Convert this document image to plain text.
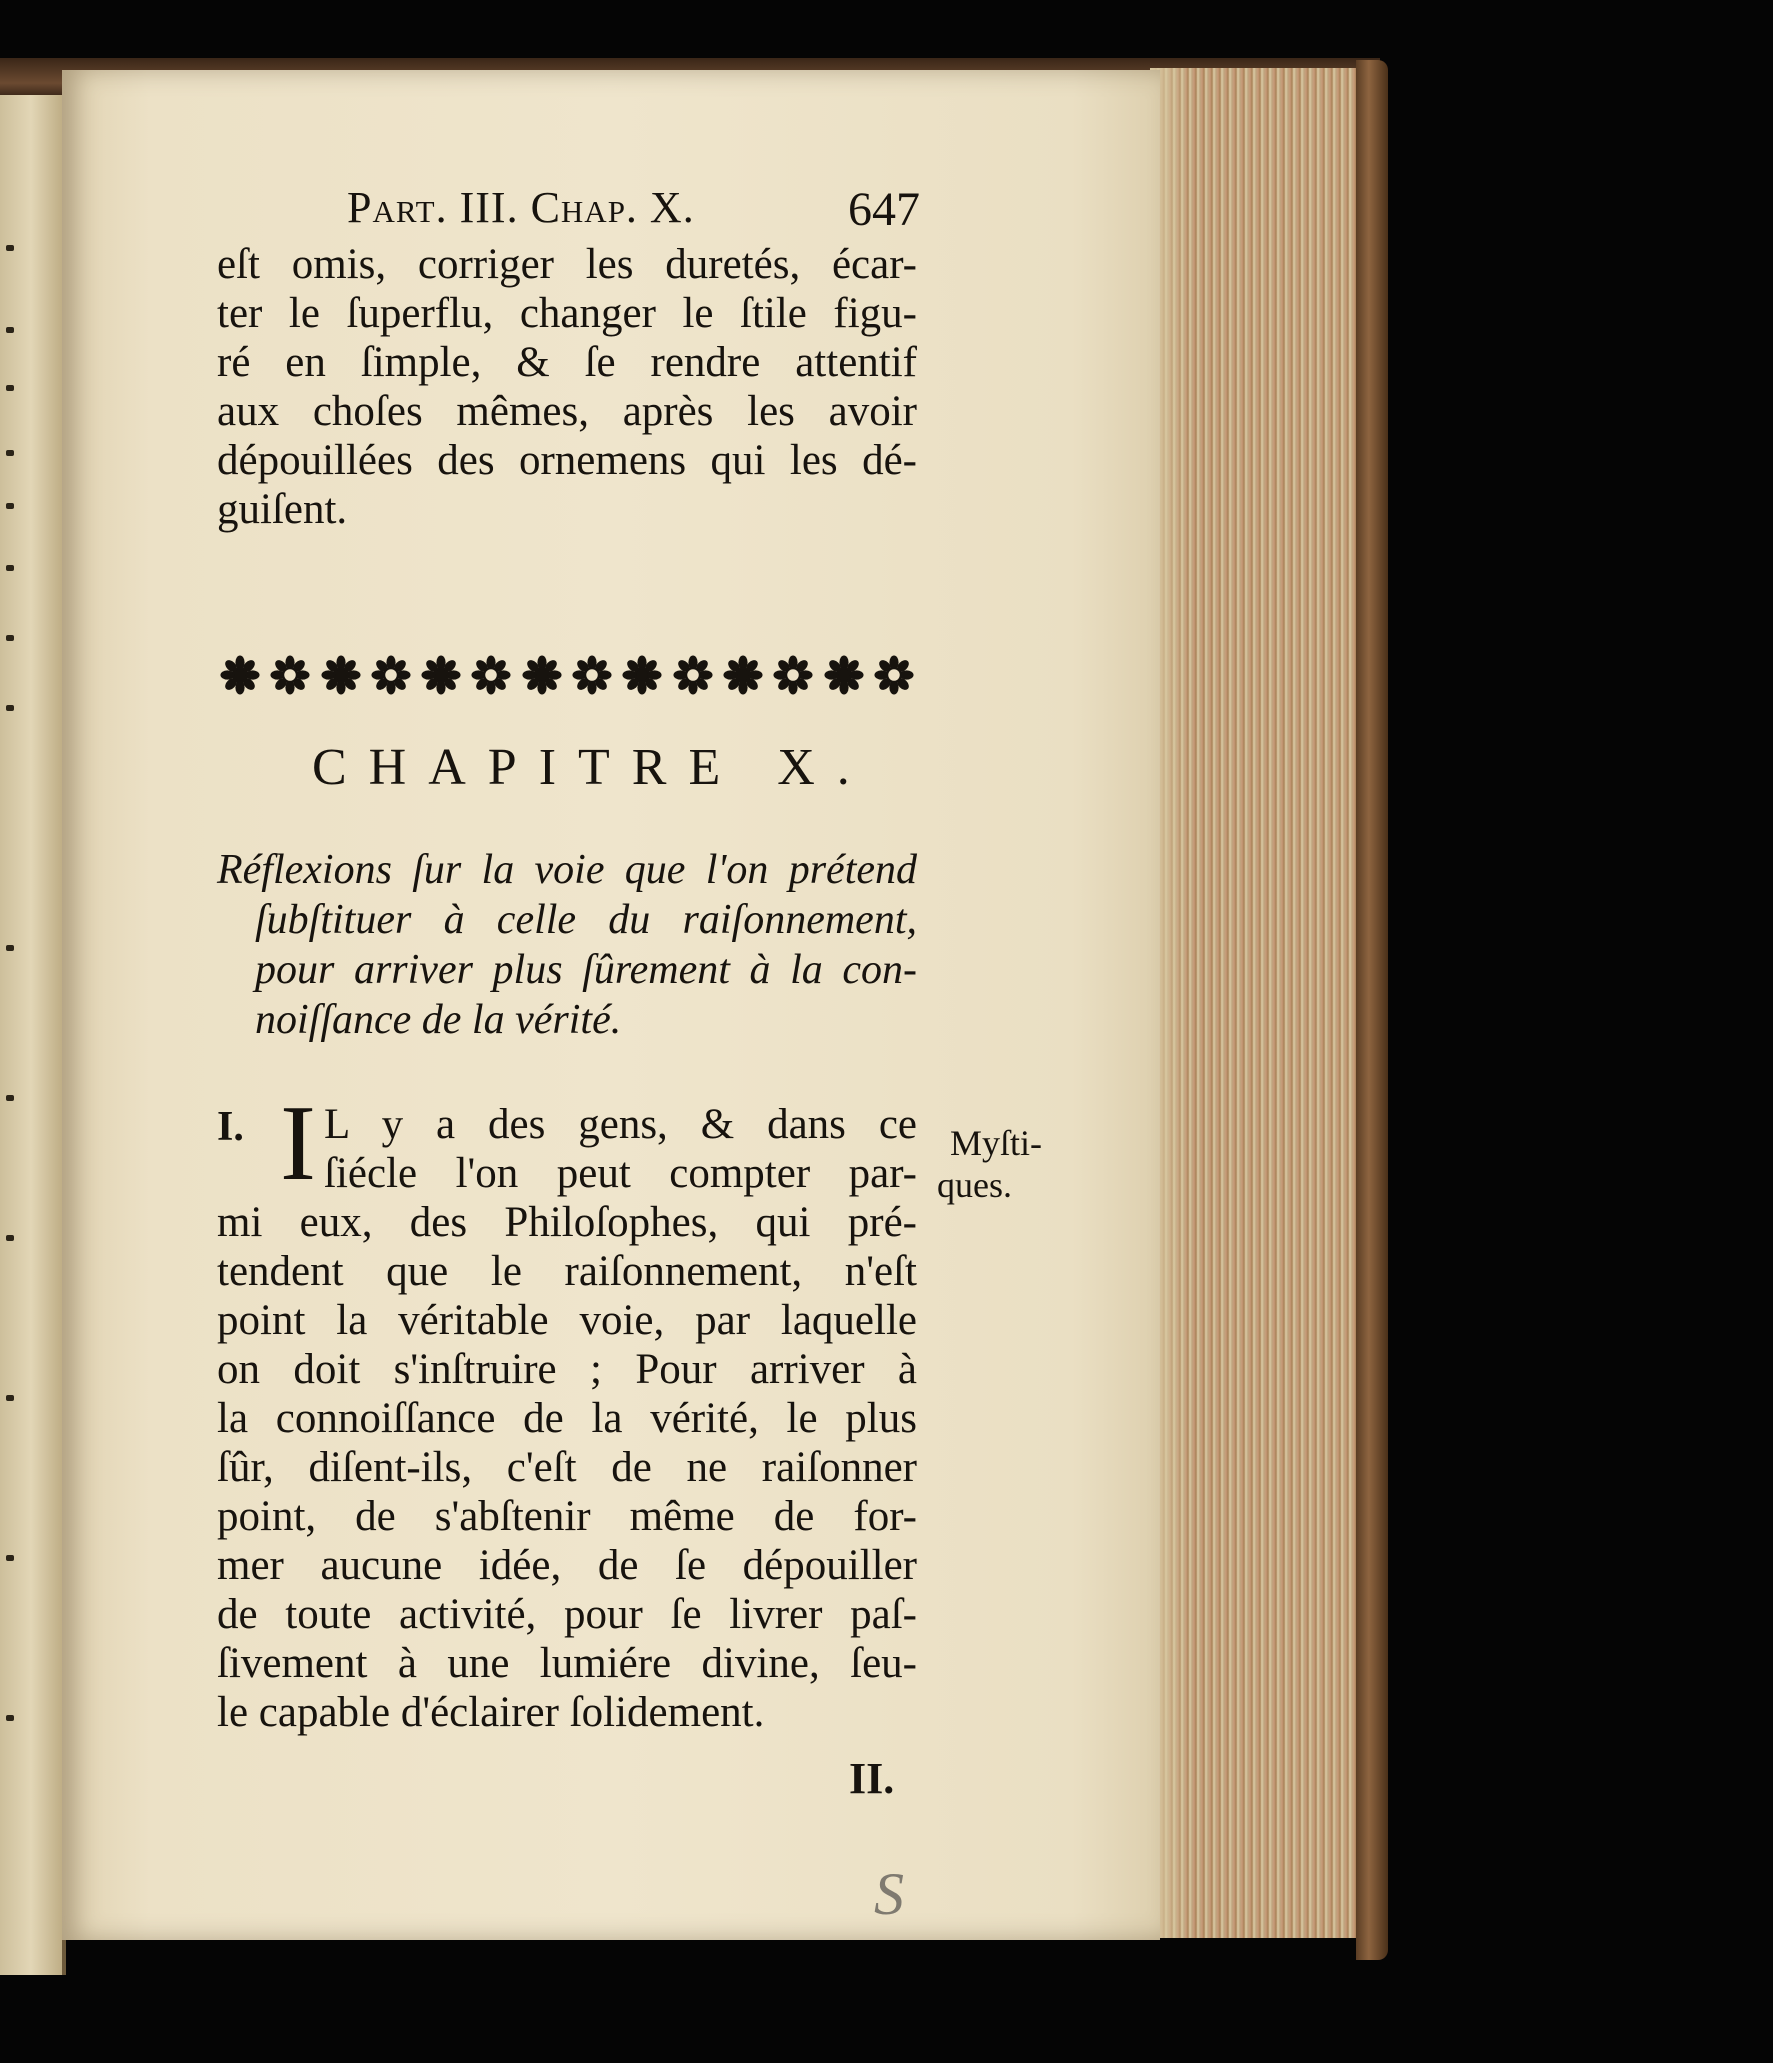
Part. III. Chap. X.	647
eſt omis, corriger les duretés, écar-
ter le ſuperflu, changer le ſtile figu-
ré en ſimple, & ſe rendre attentif
aux choſes mêmes, après les avoir
dépouillées des ornemens qui les dé-
guiſent.
CHAPITRE X.
Réflexions ſur la voie que l'on prétend
ſubſtituer à celle du raiſonnement,
pour arriver plus ſûrement à la con-
noiſſance de la vérité.
I. I L y a des gens, & dans ce
ſiécle l'on peut compter par-
mi eux, des Philoſophes, qui pré-
tendent que le raiſonnement, n'eſt
point la véritable voie, par laquelle
on doit s'inſtruire ; Pour arriver à
la connoiſſance de la vérité, le plus
ſûr, diſent-ils, c'eſt de ne raiſonner
point, de s'abſtenir même de for-
mer aucune idée, de ſe dépouiller
de toute activité, pour ſe livrer paſ-
ſivement à une lumiére divine, ſeu-
le capable d'éclairer ſolidement.
Myſti-
ques.
II.
S
